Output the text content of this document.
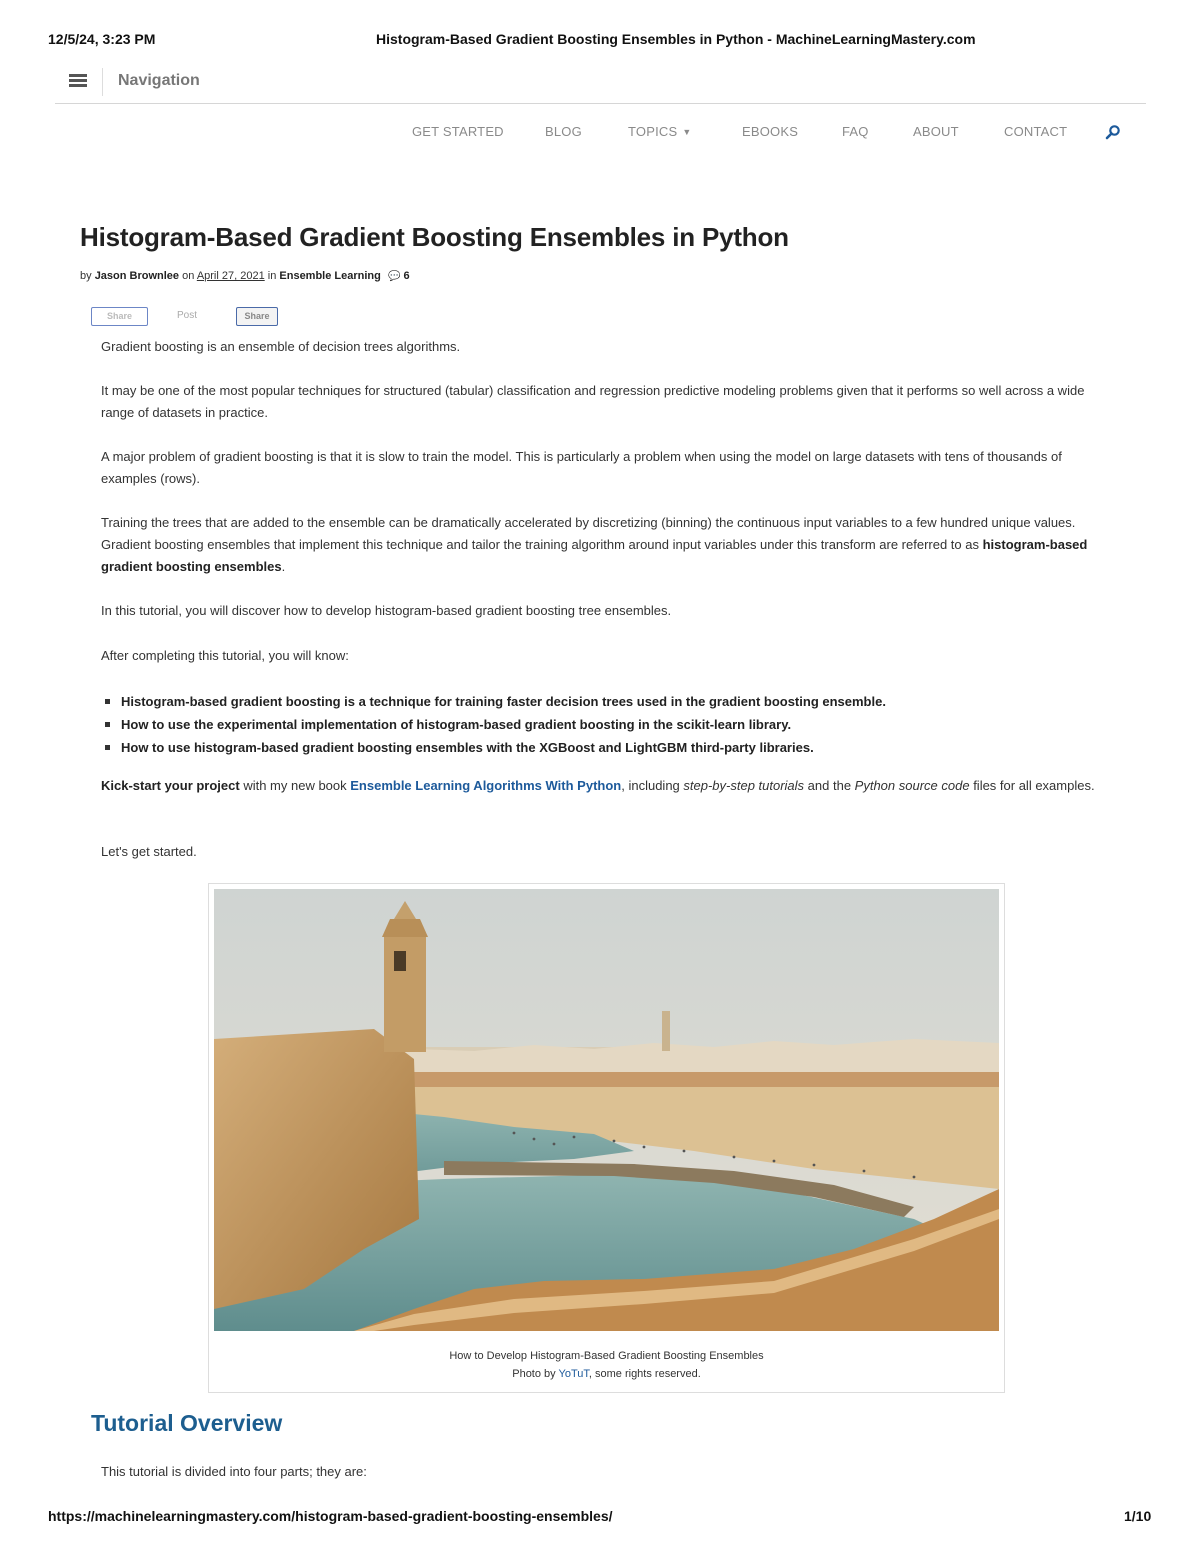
12/5/24, 3:23 PM	Histogram-Based Gradient Boosting Ensembles in Python - MachineLearningMastery.com
Navigation
GET STARTED	BLOG	TOPICS ▼	EBOOKS	FAQ	ABOUT	CONTACT
Histogram-Based Gradient Boosting Ensembles in Python
by Jason Brownlee on April 27, 2021 in Ensemble Learning 💬 6
Share	Post	Share

Gradient boosting is an ensemble of decision trees algorithms.

It may be one of the most popular techniques for structured (tabular) classification and regression predictive modeling problems given that it performs so well across a wide range of datasets in practice.

A major problem of gradient boosting is that it is slow to train the model. This is particularly a problem when using the model on large datasets with tens of thousands of examples (rows).

Training the trees that are added to the ensemble can be dramatically accelerated by discretizing (binning) the continuous input variables to a few hundred unique values. Gradient boosting ensembles that implement this technique and tailor the training algorithm around input variables under this transform are referred to as histogram-based gradient boosting ensembles.

In this tutorial, you will discover how to develop histogram-based gradient boosting tree ensembles.

After completing this tutorial, you will know:

Histogram-based gradient boosting is a technique for training faster decision trees used in the gradient boosting ensemble.
How to use the experimental implementation of histogram-based gradient boosting in the scikit-learn library.
How to use histogram-based gradient boosting ensembles with the XGBoost and LightGBM third-party libraries.

Kick-start your project with my new book Ensemble Learning Algorithms With Python, including step-by-step tutorials and the Python source code files for all examples.

Let's get started.

How to Develop Histogram-Based Gradient Boosting Ensembles
Photo by YoTuT, some rights reserved.
Tutorial Overview

This tutorial is divided into four parts; they are:

https://machinelearningmastery.com/histogram-based-gradient-boosting-ensembles/	1/10
